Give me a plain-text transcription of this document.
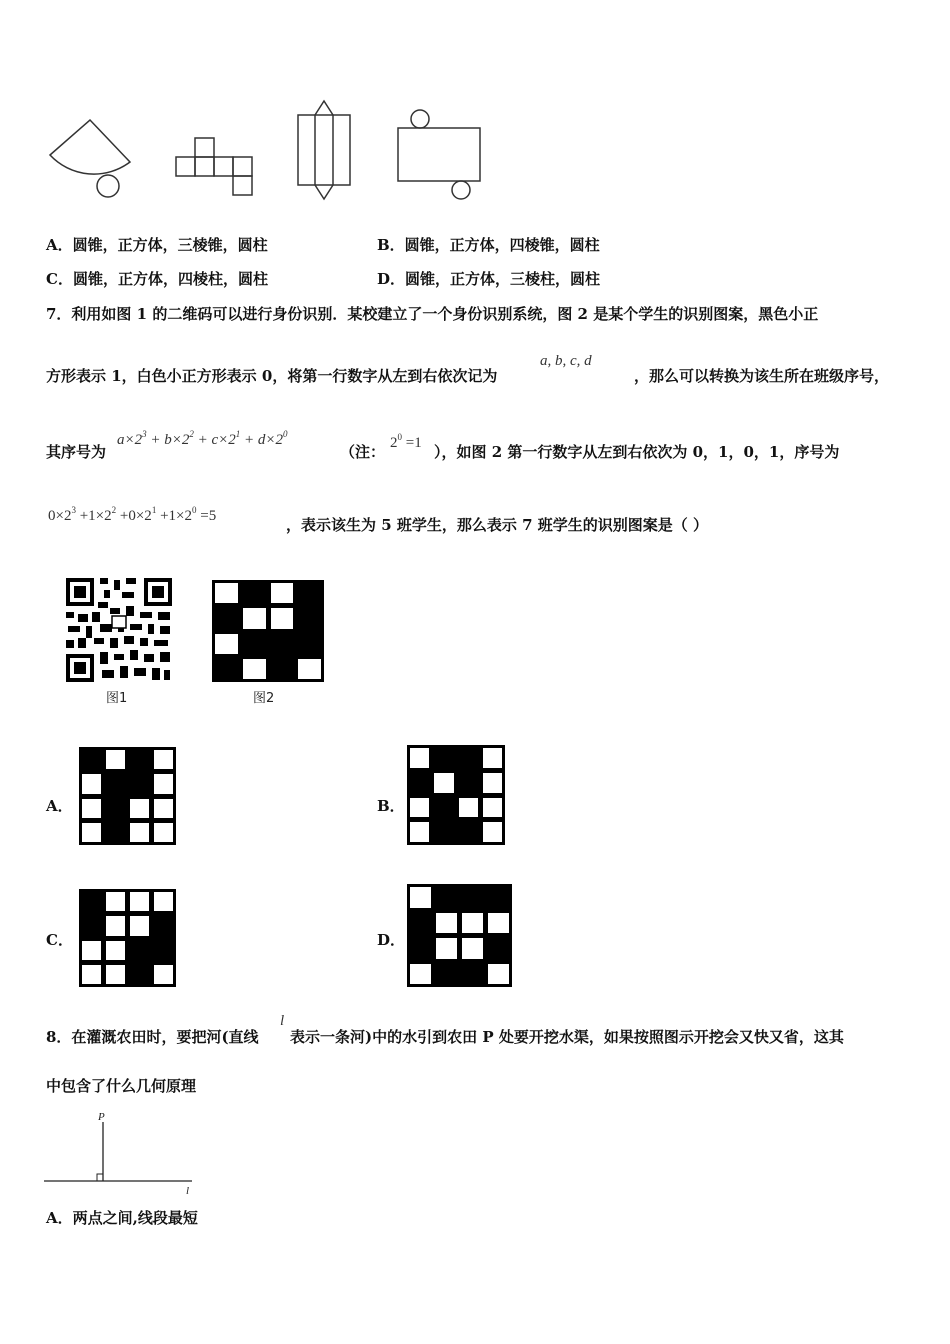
A．圆锥，正方体，三棱锥，圆柱	B．圆锥，正方体，四棱锥，圆柱
C．圆锥，正方体，四棱柱，圆柱	D．圆锥，正方体，三棱柱，圆柱
7．利用如图 1 的二维码可以进行身份识别．某校建立了一个身份识别系统，图 2 是某个学生的识别图案，黑色小正
方形表示 1，白色小正方形表示 0，将第一行数字从左到右依次记为
a, b, c, d
，那么可以转换为该生所在班级序号，
其序号为
$a\times 2^3 + b\times 2^2 + c\times 2^1 + d\times 2^0$
（注： $2^0 =1$ ），如图 2 第一行数字从左到右依次为 0，1，0，1，序号为
$0\times 2^3 +1\times 2^2 +0\times 2^1 +1\times 2^0 =5$	，表示该生为 5 班学生，那么表示 7 班学生的识别图案是（ ）
图1	图2
A．	B．
C．	D．
8．在灌溉农田时，要把河(直线
l
表示一条河)中的水引到农田 P 处要开挖水渠，如果按照图示开挖会又快又省，这其
中包含了什么几何原理
P
l
A．两点之间,线段最短
